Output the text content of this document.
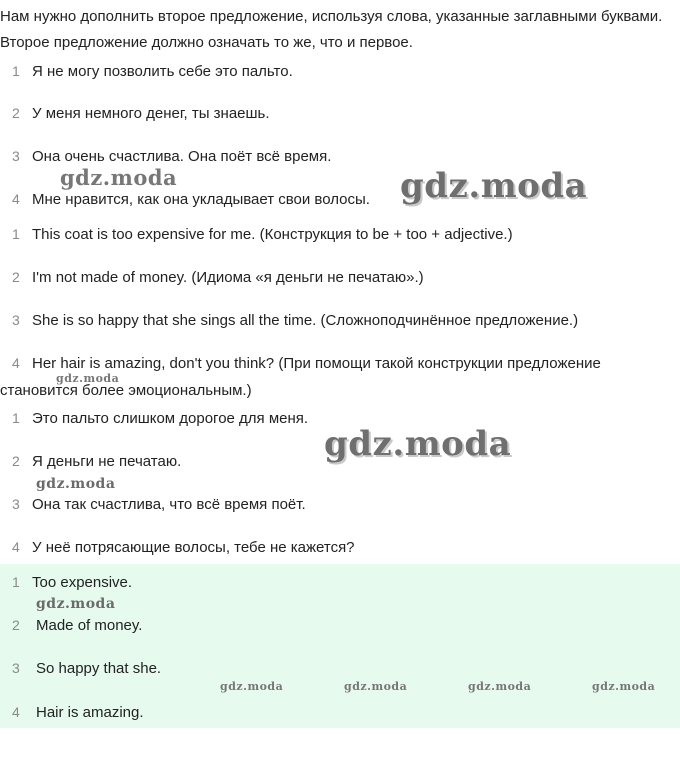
Нам нужно дополнить второе предложение, используя слова, указанные заглавными буквами. Второе предложение должно означать то же, что и первое.
1 Я не могу позволить себе это пальто.
2 У меня немного денег, ты знаешь.
3 Она очень счастлива. Она поёт всё время.
4 Мне нравится, как она укладывает свои волосы.
1 This coat is too expensive for me. (Конструкция to be + too + adjective.)
2 I'm not made of money. (Идиома «я деньги не печатаю».)
3 She is so happy that she sings all the time. (Сложноподчинённое предложение.)
4 Her hair is amazing, don't you think? (При помощи такой конструкции предложение становится более эмоциональным.)
1 Это пальто слишком дорогое для меня.
2 Я деньги не печатаю.
3 Она так счастлива, что всё время поёт.
4 У неё потрясающие волосы, тебе не кажется?
1 Too expensive.
2	Made of money.
3	So happy that she.
4	Hair is amazing.
gdz.moda	gdz.moda
gdz.moda
gdz.moda
gdz.moda
gdz.moda
gdz.moda	gdz.moda	gdz.moda	gdz.moda
